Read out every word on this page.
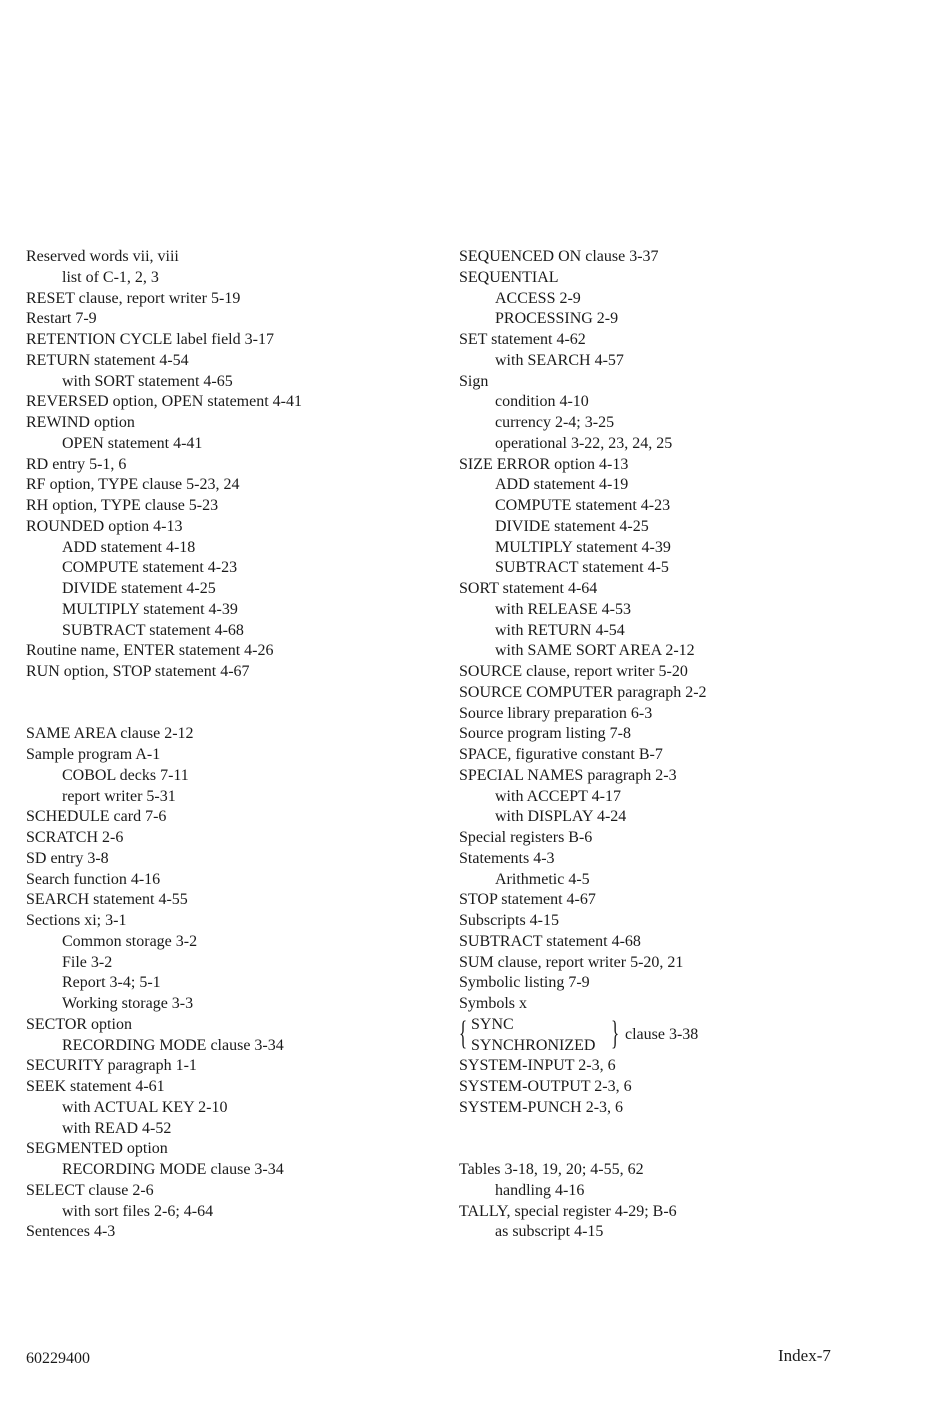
Reserved words vii, viii
list of C-1, 2, 3
RESET clause, report writer 5-19
Restart 7-9
RETENTION CYCLE label field 3-17
RETURN statement 4-54
with SORT statement 4-65
REVERSED option, OPEN statement 4-41
REWIND option
OPEN statement 4-41
RD entry 5-1, 6
RF option, TYPE clause 5-23, 24
RH option, TYPE clause 5-23
ROUNDED option 4-13
ADD statement 4-18
COMPUTE statement 4-23
DIVIDE statement 4-25
MULTIPLY statement 4-39
SUBTRACT statement 4-68
Routine name, ENTER statement 4-26
RUN option, STOP statement 4-67
SAME AREA clause 2-12
Sample program A-1
COBOL decks 7-11
report writer 5-31
SCHEDULE card 7-6
SCRATCH 2-6
SD entry 3-8
Search function 4-16
SEARCH statement 4-55
Sections xi; 3-1
Common storage 3-2
File 3-2
Report 3-4; 5-1
Working storage 3-3
SECTOR option
RECORDING MODE clause 3-34
SECURITY paragraph 1-1
SEEK statement 4-61
with ACTUAL KEY 2-10
with READ 4-52
SEGMENTED option
RECORDING MODE clause 3-34
SELECT clause 2-6
with sort files 2-6; 4-64
Sentences 4-3
SEQUENCED ON clause 3-37
SEQUENTIAL
ACCESS 2-9
PROCESSING 2-9
SET statement 4-62
with SEARCH 4-57
Sign
condition 4-10
currency 2-4; 3-25
operational 3-22, 23, 24, 25
SIZE ERROR option 4-13
ADD statement 4-19
COMPUTE statement 4-23
DIVIDE statement 4-25
MULTIPLY statement 4-39
SUBTRACT statement 4-5
SORT statement 4-64
with RELEASE 4-53
with RETURN 4-54
with SAME SORT AREA 2-12
SOURCE clause, report writer 5-20
SOURCE COMPUTER paragraph 2-2
Source library preparation 6-3
Source program listing 7-8
SPACE, figurative constant B-7
SPECIAL NAMES paragraph 2-3
with ACCEPT 4-17
with DISPLAY 4-24
Special registers B-6
Statements 4-3
Arithmetic 4-5
STOP statement 4-67
Subscripts 4-15
SUBTRACT statement 4-68
SUM clause, report writer 5-20, 21
Symbolic listing 7-9
Symbols x
{ SYNC
SYNCHRONIZED } clause 3-38
SYSTEM-INPUT 2-3, 6
SYSTEM-OUTPUT 2-3, 6
SYSTEM-PUNCH 2-3, 6
Tables 3-18, 19, 20; 4-55, 62
handling 4-16
TALLY, special register 4-29; B-6
as subscript 4-15
60229400	Index-7
